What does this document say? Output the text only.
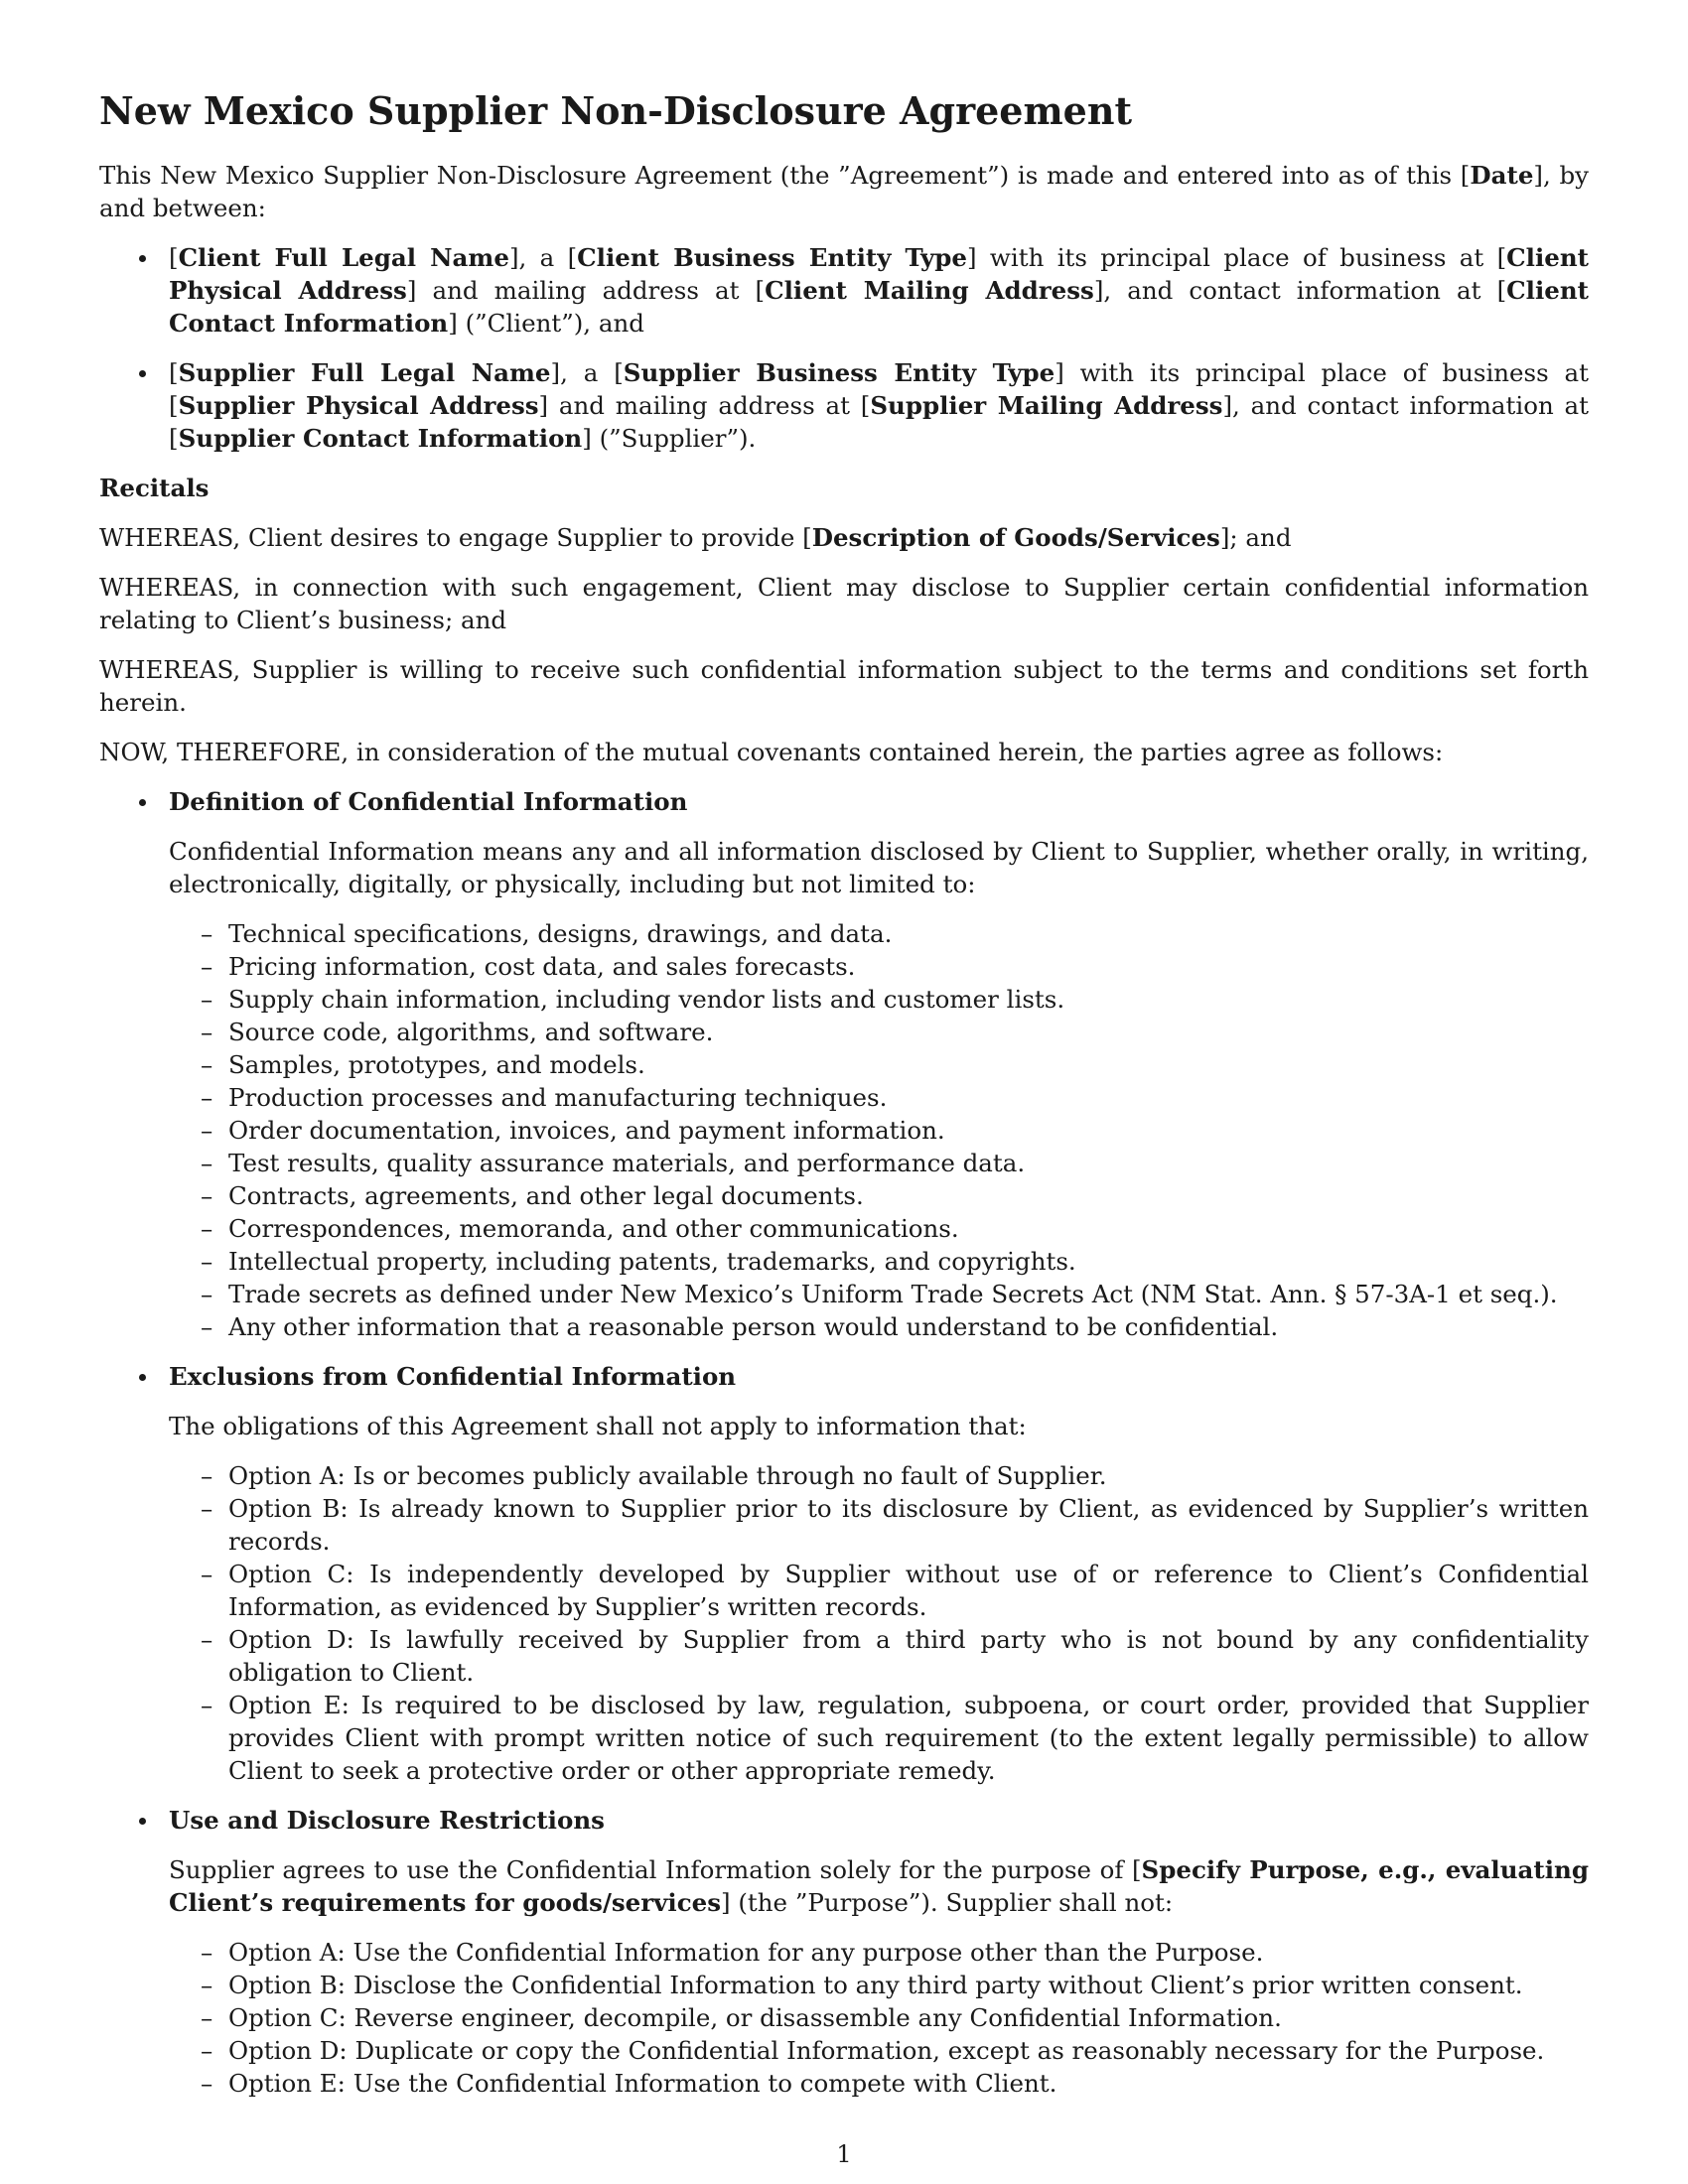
New Mexico Supplier Non-Disclosure Agreement

This New Mexico Supplier Non-Disclosure Agreement (the ”Agreement”) is made and entered into as of this [Date], by and between:

[Client Full Legal Name], a [Client Business Entity Type] with its principal place of business at [Client Physical Address] and mailing address at [Client Mailing Address], and contact information at [Client Contact Information] (”Client”), and

[Supplier Full Legal Name], a [Supplier Business Entity Type] with its principal place of business at [Supplier Physical Address] and mailing address at [Supplier Mailing Address], and contact information at [Supplier Contact Information] (”Supplier”).

Recitals

WHEREAS, Client desires to engage Supplier to provide [Description of Goods/Services]; and

WHEREAS, in connection with such engagement, Client may disclose to Supplier certain confidential information relating to Client’s business; and

WHEREAS, Supplier is willing to receive such confidential information subject to the terms and conditions set forth herein.

NOW, THEREFORE, in consideration of the mutual covenants contained herein, the parties agree as follows:

Definition of Confidential Information
Confidential Information means any and all information disclosed by Client to Supplier, whether orally, in writing, electronically, digitally, or physically, including but not limited to:
– Technical specifications, designs, drawings, and data.
– Pricing information, cost data, and sales forecasts.
– Supply chain information, including vendor lists and customer lists.
– Source code, algorithms, and software.
– Samples, prototypes, and models.
– Production processes and manufacturing techniques.
– Order documentation, invoices, and payment information.
– Test results, quality assurance materials, and performance data.
– Contracts, agreements, and other legal documents.
– Correspondences, memoranda, and other communications.
– Intellectual property, including patents, trademarks, and copyrights.
– Trade secrets as defined under New Mexico’s Uniform Trade Secrets Act (NM Stat. Ann. § 57-3A-1 et seq.).
– Any other information that a reasonable person would understand to be confidential.
Exclusions from Confidential Information
The obligations of this Agreement shall not apply to information that:
– Option A: Is or becomes publicly available through no fault of Supplier.
– Option B: Is already known to Supplier prior to its disclosure by Client, as evidenced by Supplier’s written records.
– Option C: Is independently developed by Supplier without use of or reference to Client’s Confidential Information, as evidenced by Supplier’s written records.
– Option D: Is lawfully received by Supplier from a third party who is not bound by any confidentiality obligation to Client.
– Option E: Is required to be disclosed by law, regulation, subpoena, or court order, provided that Supplier provides Client with prompt written notice of such requirement (to the extent legally permissible) to allow Client to seek a protective order or other appropriate remedy.
Use and Disclosure Restrictions
Supplier agrees to use the Confidential Information solely for the purpose of [Specify Purpose, e.g., evaluating Client’s requirements for goods/services] (the ”Purpose”). Supplier shall not:
– Option A: Use the Confidential Information for any purpose other than the Purpose.
– Option B: Disclose the Confidential Information to any third party without Client’s prior written consent.
– Option C: Reverse engineer, decompile, or disassemble any Confidential Information.
– Option D: Duplicate or copy the Confidential Information, except as reasonably necessary for the Purpose.
– Option E: Use the Confidential Information to compete with Client.
1
